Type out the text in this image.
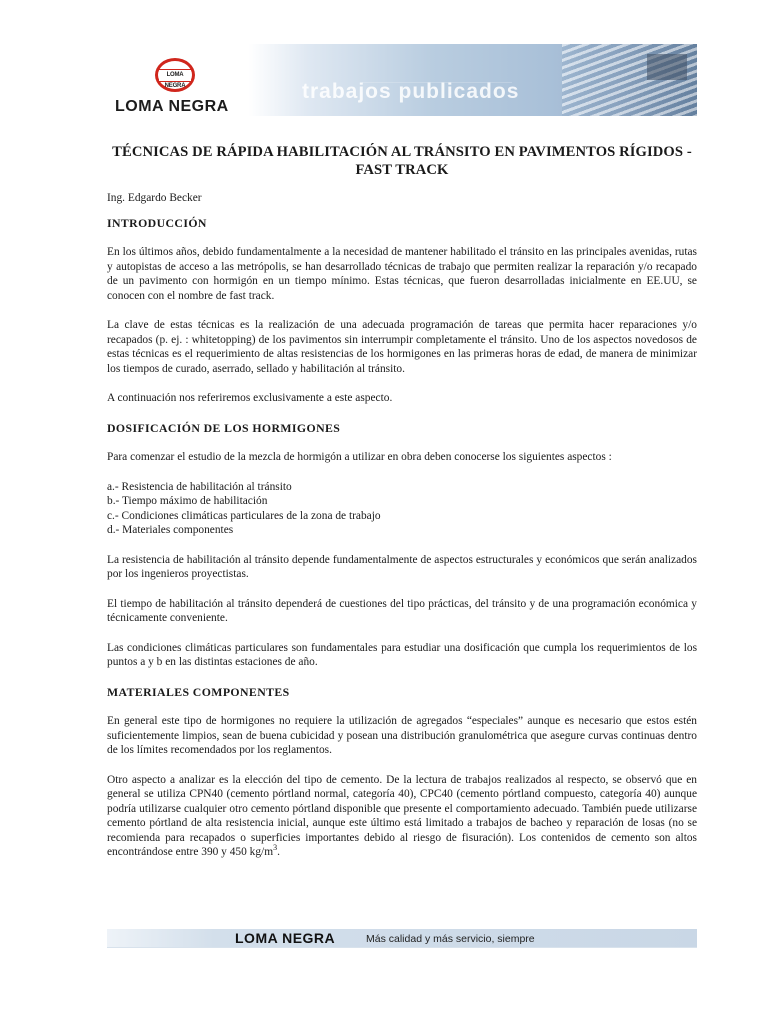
LOMA NEGRA
LOMA NEGRA
trabajos publicados
TÉCNICAS DE RÁPIDA HABILITACIÓN AL TRÁNSITO EN PAVIMENTOS RÍGIDOS - FAST TRACK
Ing. Edgardo Becker
INTRODUCCIÓN

En los últimos años, debido fundamentalmente a la necesidad de mantener habilitado el tránsito en las principales avenidas, rutas y autopistas de acceso a las metrópolis, se han desarrollado técnicas de trabajo que permiten realizar la reparación y/o recapado de un pavimento con hormigón en un tiempo mínimo. Estas técnicas, que fueron desarrolladas inicialmente en EE.UU, se conocen con el nombre de fast track.

La clave de estas técnicas es la realización de una adecuada programación de tareas que permita hacer reparaciones y/o recapados (p. ej. : whitetopping) de los pavimentos sin interrumpir completamente el tránsito. Uno de los aspectos novedosos de estas técnicas es el requerimiento de altas resistencias de los hormigones en las primeras horas de edad, de manera de minimizar los tiempos de curado, aserrado, sellado y habilitación al tránsito.

A continuación nos referiremos exclusivamente a este aspecto.

DOSIFICACIÓN DE LOS HORMIGONES

Para comenzar el estudio de la mezcla de hormigón a utilizar en obra deben conocerse los siguientes aspectos :

a.- Resistencia de habilitación al tránsito
b.- Tiempo máximo de habilitación
c.- Condiciones climáticas particulares de la zona de trabajo
d.- Materiales componentes

La resistencia de habilitación al tránsito depende fundamentalmente de aspectos estructurales y económicos que serán analizados por los ingenieros proyectistas.

El tiempo de habilitación al tránsito dependerá de cuestiones del tipo prácticas, del tránsito y de una programación económica y técnicamente conveniente.

Las condiciones climáticas particulares son fundamentales para estudiar una dosificación que cumpla los requerimientos de los puntos a y b en las distintas estaciones de año.

MATERIALES COMPONENTES

En general este tipo de hormigones no requiere la utilización de agregados “especiales” aunque es necesario que estos estén suficientemente limpios, sean de buena cubicidad y posean una distribución granulométrica que asegure curvas continuas dentro de los límites recomendados por los reglamentos.

Otro aspecto a analizar es la elección del tipo de cemento. De la lectura de trabajos realizados al respecto, se observó que en general se utiliza CPN40 (cemento pórtland normal, categoría 40), CPC40 (cemento pórtland compuesto, categoría 40) aunque podría utilizarse cualquier otro cemento pórtland disponible que presente el comportamiento adecuado. También puede utilizarse cemento pórtland de alta resistencia inicial, aunque este último está limitado a trabajos de bacheo y reparación de losas (no se recomienda para recapados o superficies importantes debido al riesgo de fisuración). Los contenidos de cemento son altos encontrándose entre 390 y 450 $kg/m^3$.

LOMA NEGRA	Más calidad y más servicio, siempre
